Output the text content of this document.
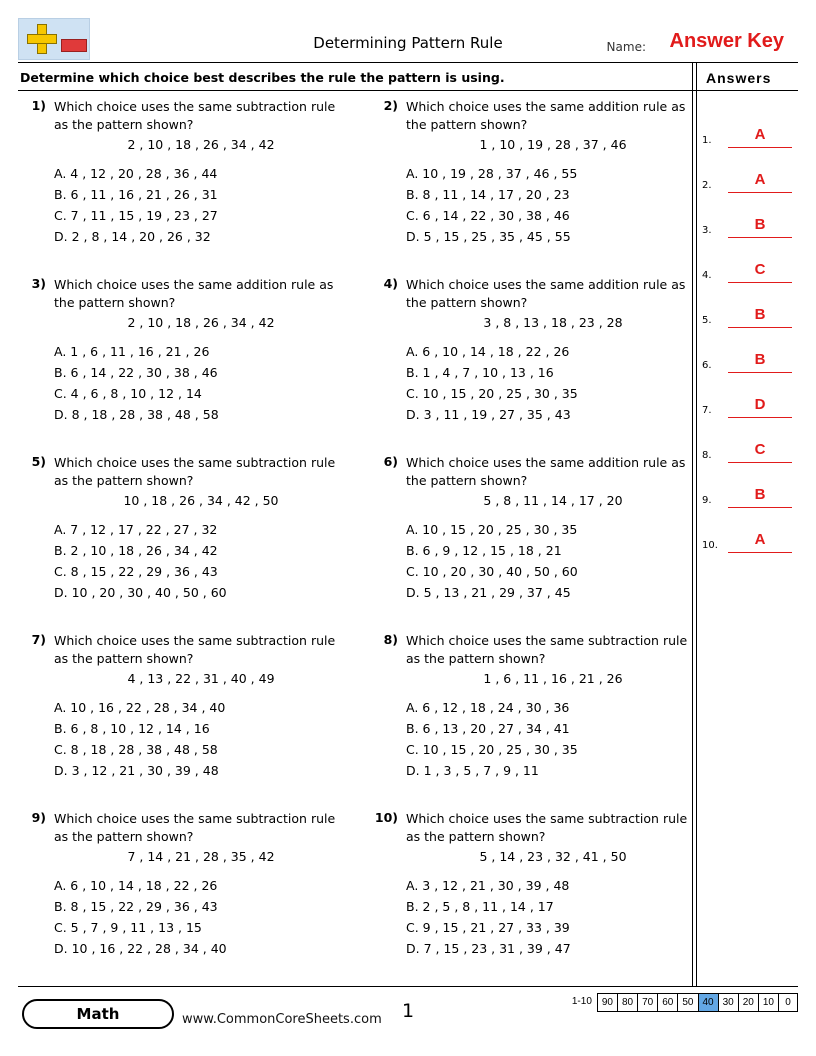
Determining Pattern Rule	Name: Answer Key
Determine which choice best describes the rule the pattern is using.	Answers
1.	A
2.	A
3.	B
4.	C
5.	B
6.	B
7.	D
8.	C
9.	B
10.	A
1) Which choice uses the same subtraction rule as the pattern shown?
2 , 10 , 18 , 26 , 34 , 42
A. 4 , 12 , 20 , 28 , 36 , 44
B. 6 , 11 , 16 , 21 , 26 , 31
C. 7 , 11 , 15 , 19 , 23 , 27
D. 2 , 8 , 14 , 20 , 26 , 32
2) Which choice uses the same addition rule as the pattern shown?
1 , 10 , 19 , 28 , 37 , 46
A. 10 , 19 , 28 , 37 , 46 , 55
B. 8 , 11 , 14 , 17 , 20 , 23
C. 6 , 14 , 22 , 30 , 38 , 46
D. 5 , 15 , 25 , 35 , 45 , 55
3) Which choice uses the same addition rule as the pattern shown?
2 , 10 , 18 , 26 , 34 , 42
A. 1 , 6 , 11 , 16 , 21 , 26
B. 6 , 14 , 22 , 30 , 38 , 46
C. 4 , 6 , 8 , 10 , 12 , 14
D. 8 , 18 , 28 , 38 , 48 , 58
4) Which choice uses the same addition rule as the pattern shown?
3 , 8 , 13 , 18 , 23 , 28
A. 6 , 10 , 14 , 18 , 22 , 26
B. 1 , 4 , 7 , 10 , 13 , 16
C. 10 , 15 , 20 , 25 , 30 , 35
D. 3 , 11 , 19 , 27 , 35 , 43
5) Which choice uses the same subtraction rule as the pattern shown?
10 , 18 , 26 , 34 , 42 , 50
A. 7 , 12 , 17 , 22 , 27 , 32
B. 2 , 10 , 18 , 26 , 34 , 42
C. 8 , 15 , 22 , 29 , 36 , 43
D. 10 , 20 , 30 , 40 , 50 , 60
6) Which choice uses the same addition rule as the pattern shown?
5 , 8 , 11 , 14 , 17 , 20
A. 10 , 15 , 20 , 25 , 30 , 35
B. 6 , 9 , 12 , 15 , 18 , 21
C. 10 , 20 , 30 , 40 , 50 , 60
D. 5 , 13 , 21 , 29 , 37 , 45
7) Which choice uses the same subtraction rule as the pattern shown?
4 , 13 , 22 , 31 , 40 , 49
A. 10 , 16 , 22 , 28 , 34 , 40
B. 6 , 8 , 10 , 12 , 14 , 16
C. 8 , 18 , 28 , 38 , 48 , 58
D. 3 , 12 , 21 , 30 , 39 , 48
8) Which choice uses the same subtraction rule as the pattern shown?
1 , 6 , 11 , 16 , 21 , 26
A. 6 , 12 , 18 , 24 , 30 , 36
B. 6 , 13 , 20 , 27 , 34 , 41
C. 10 , 15 , 20 , 25 , 30 , 35
D. 1 , 3 , 5 , 7 , 9 , 11
9) Which choice uses the same subtraction rule as the pattern shown?
7 , 14 , 21 , 28 , 35 , 42
A. 6 , 10 , 14 , 18 , 22 , 26
B. 8 , 15 , 22 , 29 , 36 , 43
C. 5 , 7 , 9 , 11 , 13 , 15
D. 10 , 16 , 22 , 28 , 34 , 40
10) Which choice uses the same subtraction rule as the pattern shown?
5 , 14 , 23 , 32 , 41 , 50
A. 3 , 12 , 21 , 30 , 39 , 48
B. 2 , 5 , 8 , 11 , 14 , 17
C. 9 , 15 , 21 , 27 , 33 , 39
D. 7 , 15 , 23 , 31 , 39 , 47
Math	www.CommonCoreSheets.com	1	1-10	90 80 70 60 50 40 30 20 10	0
